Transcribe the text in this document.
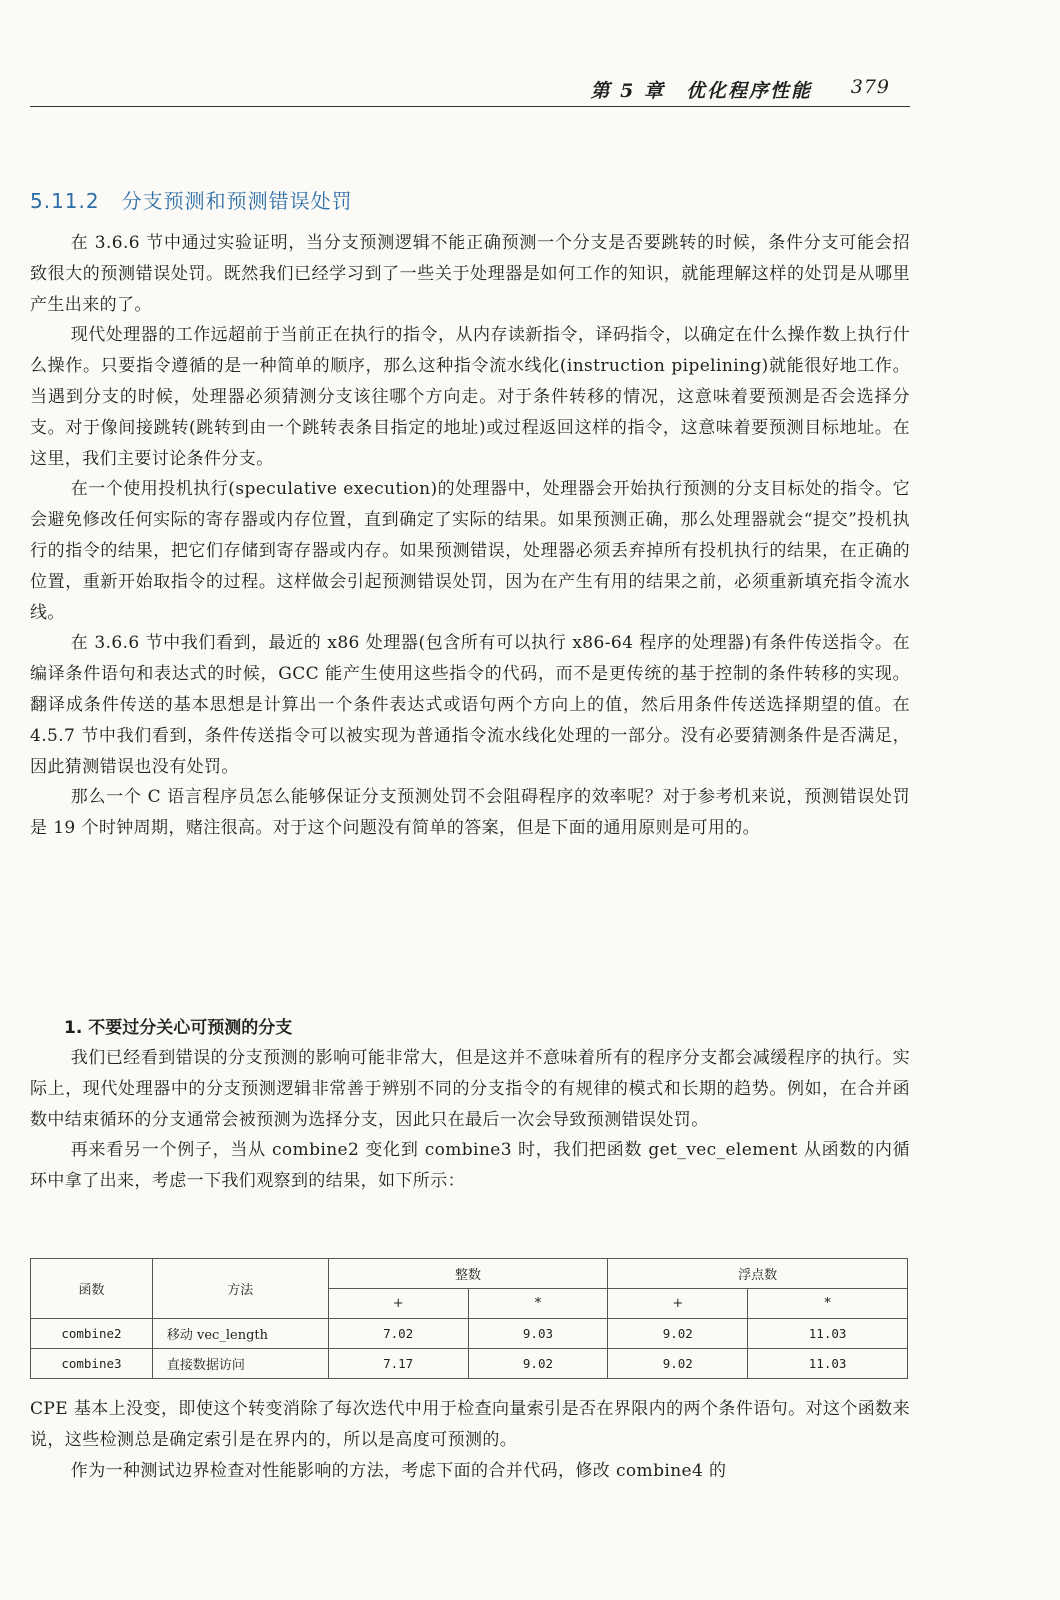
第 5 章　优化程序性能 379
5.11.2 分支预测和预测错误处罚

在 3.6.6 节中通过实验证明，当分支预测逻辑不能正确预测一个分支是否要跳转的时候，条件分支可能会招致很大的预测错误处罚。既然我们已经学习到了一些关于处理器是如何工作的知识，就能理解这样的处罚是从哪里产生出来的了。

现代处理器的工作远超前于当前正在执行的指令，从内存读新指令，译码指令，以确定在什么操作数上执行什么操作。只要指令遵循的是一种简单的顺序，那么这种指令流水线化(instruction pipelining)就能很好地工作。当遇到分支的时候，处理器必须猜测分支该往哪个方向走。对于条件转移的情况，这意味着要预测是否会选择分支。对于像间接跳转(跳转到由一个跳转表条目指定的地址)或过程返回这样的指令，这意味着要预测目标地址。在这里，我们主要讨论条件分支。

在一个使用投机执行(speculative execution)的处理器中，处理器会开始执行预测的分支目标处的指令。它会避免修改任何实际的寄存器或内存位置，直到确定了实际的结果。如果预测正确，那么处理器就会“提交”投机执行的指令的结果，把它们存储到寄存器或内存。如果预测错误，处理器必须丢弃掉所有投机执行的结果，在正确的位置，重新开始取指令的过程。这样做会引起预测错误处罚，因为在产生有用的结果之前，必须重新填充指令流水线。

在 3.6.6 节中我们看到，最近的 x86 处理器(包含所有可以执行 x86-64 程序的处理器)有条件传送指令。在编译条件语句和表达式的时候，GCC 能产生使用这些指令的代码，而不是更传统的基于控制的条件转移的实现。翻译成条件传送的基本思想是计算出一个条件表达式或语句两个方向上的值，然后用条件传送选择期望的值。在 4.5.7 节中我们看到，条件传送指令可以被实现为普通指令流水线化处理的一部分。没有必要猜测条件是否满足，因此猜测错误也没有处罚。

那么一个 C 语言程序员怎么能够保证分支预测处罚不会阻碍程序的效率呢？对于参考机来说，预测错误处罚是 19 个时钟周期，赌注很高。对于这个问题没有简单的答案，但是下面的通用原则是可用的。

1. 不要过分关心可预测的分支

我们已经看到错误的分支预测的影响可能非常大，但是这并不意味着所有的程序分支都会减缓程序的执行。实际上，现代处理器中的分支预测逻辑非常善于辨别不同的分支指令的有规律的模式和长期的趋势。例如，在合并函数中结束循环的分支通常会被预测为选择分支，因此只在最后一次会导致预测错误处罚。

再来看另一个例子，当从 combine2 变化到 combine3 时，我们把函数 get_vec_element 从函数的内循环中拿了出来，考虑一下我们观察到的结果，如下所示：

函数	方法	整数		浮点数	
		+	*	+	*
combine2	移动 vec_length	7.02	9.03	9.02	11.03
combine3	直接数据访问	7.17	9.02	9.02	11.03

CPE 基本上没变，即使这个转变消除了每次迭代中用于检查向量索引是否在界限内的两个条件语句。对这个函数来说，这些检测总是确定索引是在界内的，所以是高度可预测的。

作为一种测试边界检查对性能影响的方法，考虑下面的合并代码，修改 combine4 的
